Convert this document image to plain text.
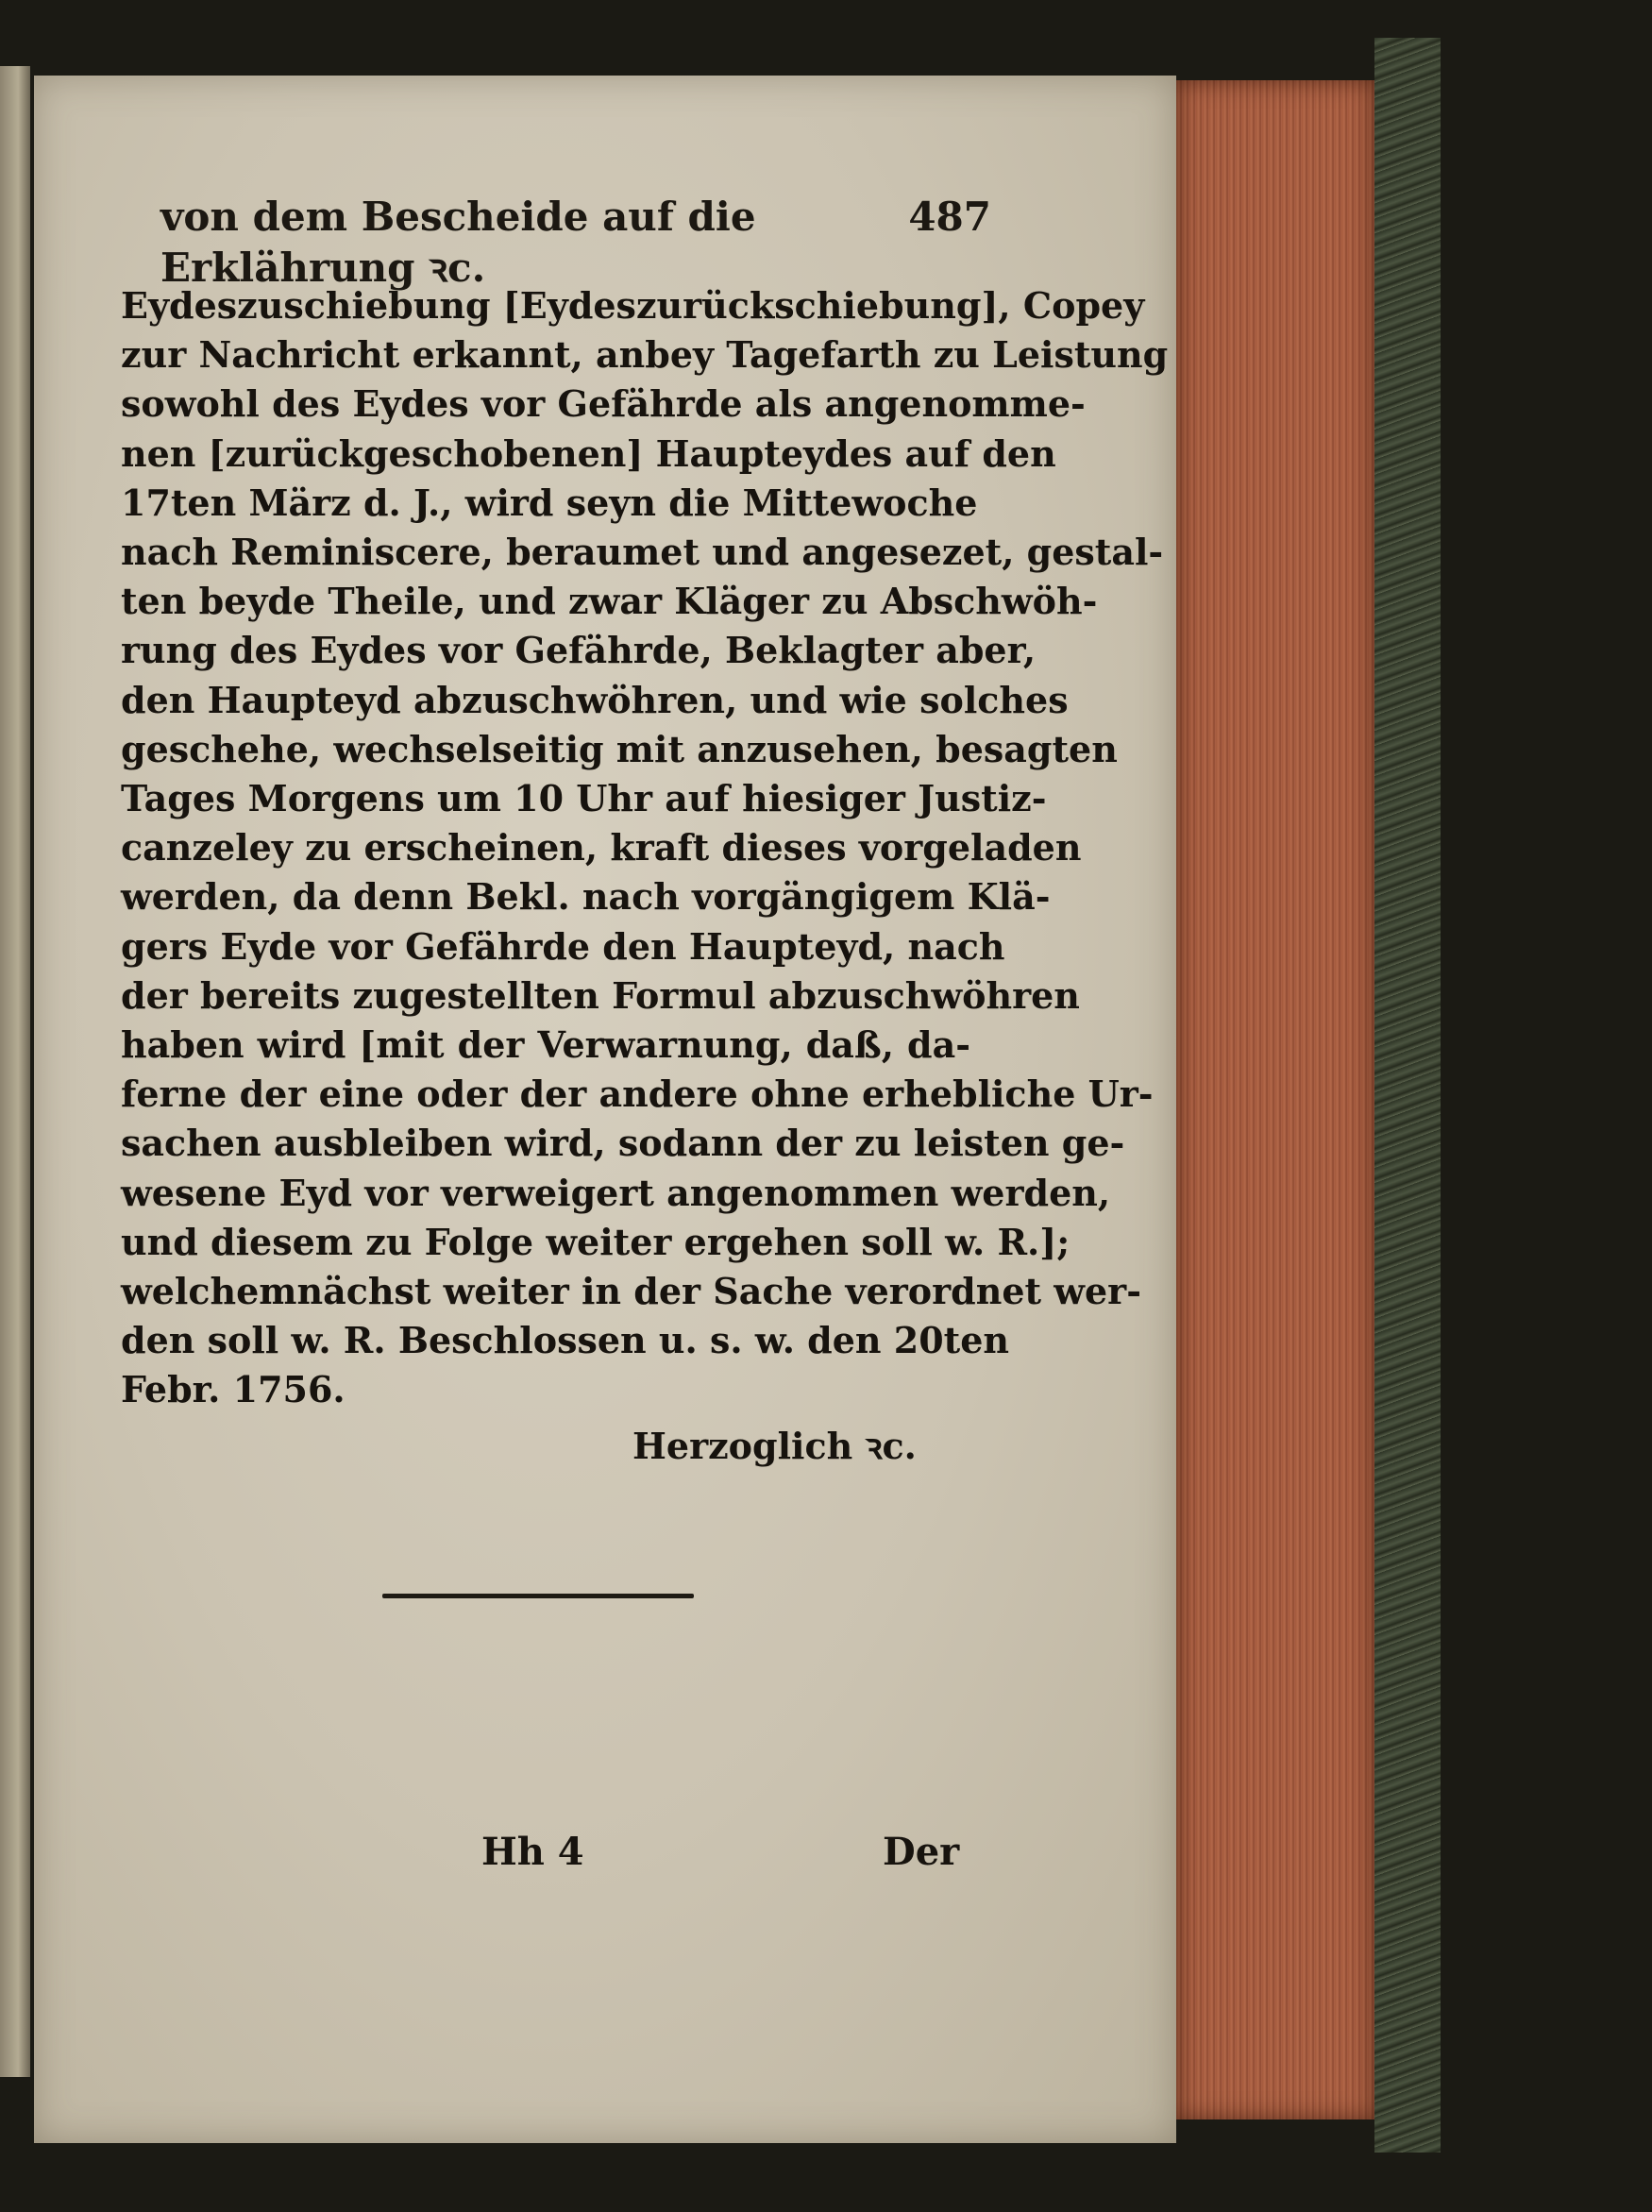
von dem Bescheide auf die Erklährung ꝛc.
487
Eydeszuschiebung [Eydeszurückschiebung], Copey
zur Nachricht erkannt, anbey Tagefarth zu Leistung
sowohl des Eydes vor Gefährde als angenomme-
nen [zurückgeschobenen] Haupteydes auf den
17ten März d. J., wird seyn die Mittewoche
nach Reminiscere, beraumet und angesezet, gestal-
ten beyde Theile, und zwar Kläger zu Abschwöh-
rung des Eydes vor Gefährde, Beklagter aber,
den Haupteyd abzuschwöhren, und wie solches
geschehe, wechselseitig mit anzusehen, besagten
Tages Morgens um 10 Uhr auf hiesiger Justiz-
canzeley zu erscheinen, kraft dieses vorgeladen
werden, da denn Bekl. nach vorgängigem Klä-
gers Eyde vor Gefährde den Haupteyd, nach
der bereits zugestellten Formul abzuschwöhren
haben wird [mit der Verwarnung, daß, da-
ferne der eine oder der andere ohne erhebliche Ur-
sachen ausbleiben wird, sodann der zu leisten ge-
wesene Eyd vor verweigert angenommen werden,
und diesem zu Folge weiter ergehen soll w. R.];
welchemnächst weiter in der Sache verordnet wer-
den soll w. R. Beschlossen u. s. w. den 20ten
Febr. 1756.
Herzoglich ꝛc.
Hh 4	Der
